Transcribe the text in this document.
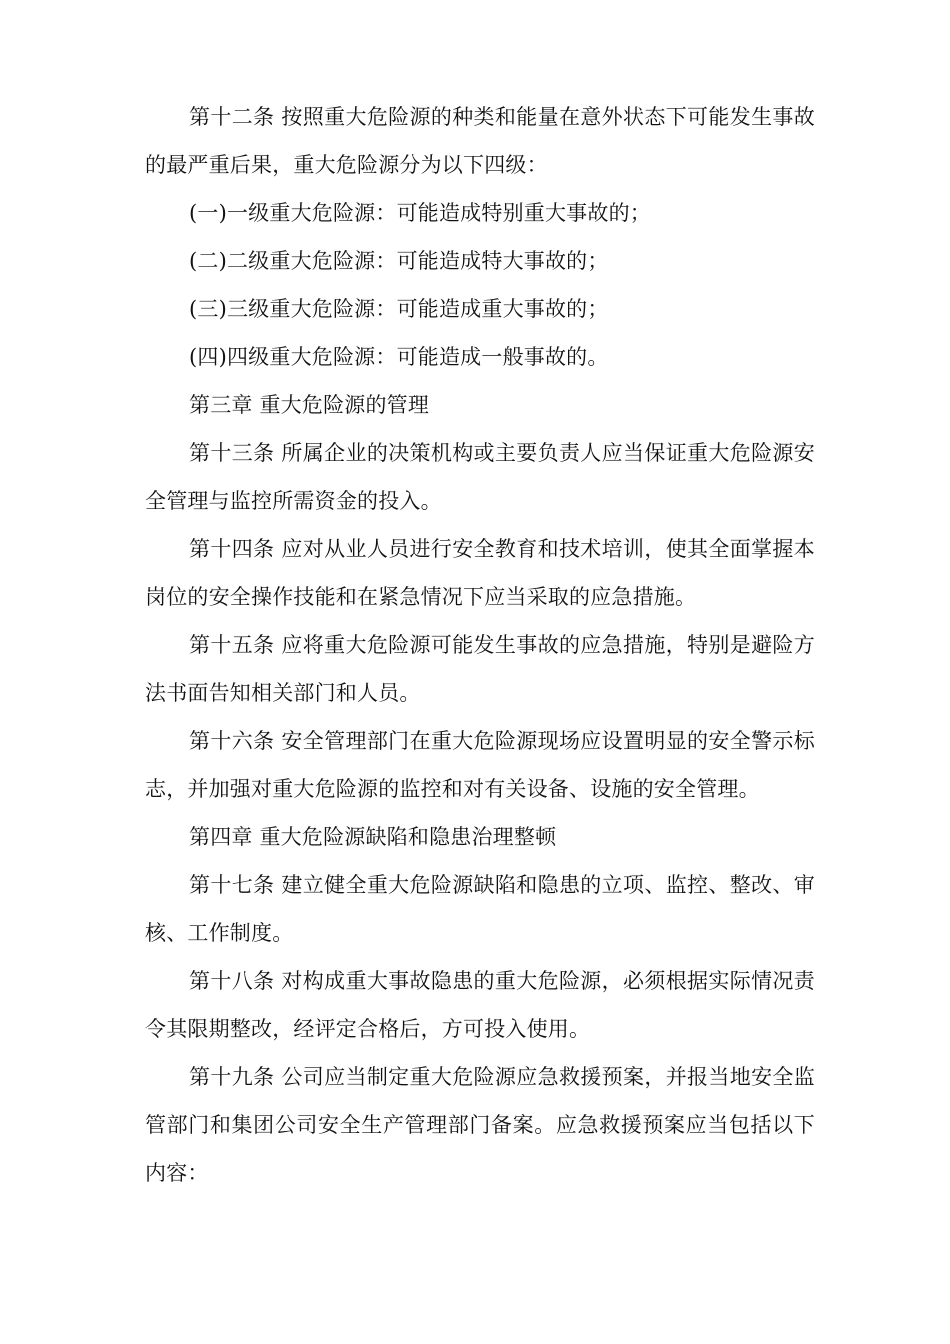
第十二条 按照重大危险源的种类和能量在意外状态下可能发生事故的最严重后果，重大危险源分为以下四级：

(一)一级重大危险源：可能造成特别重大事故的；

(二)二级重大危险源：可能造成特大事故的；

(三)三级重大危险源：可能造成重大事故的；

(四)四级重大危险源：可能造成一般事故的。

第三章 重大危险源的管理

第十三条 所属企业的决策机构或主要负责人应当保证重大危险源安全管理与监控所需资金的投入。

第十四条 应对从业人员进行安全教育和技术培训，使其全面掌握本岗位的安全操作技能和在紧急情况下应当采取的应急措施。

第十五条 应将重大危险源可能发生事故的应急措施，特别是避险方法书面告知相关部门和人员。

第十六条 安全管理部门在重大危险源现场应设置明显的安全警示标志，并加强对重大危险源的监控和对有关设备、设施的安全管理。

第四章 重大危险源缺陷和隐患治理整顿

第十七条 建立健全重大危险源缺陷和隐患的立项、监控、整改、审核、工作制度。

第十八条 对构成重大事故隐患的重大危险源，必须根据实际情况责令其限期整改，经评定合格后，方可投入使用。

第十九条 公司应当制定重大危险源应急救援预案，并报当地安全监管部门和集团公司安全生产管理部门备案。应急救援预案应当包括以下内容：
